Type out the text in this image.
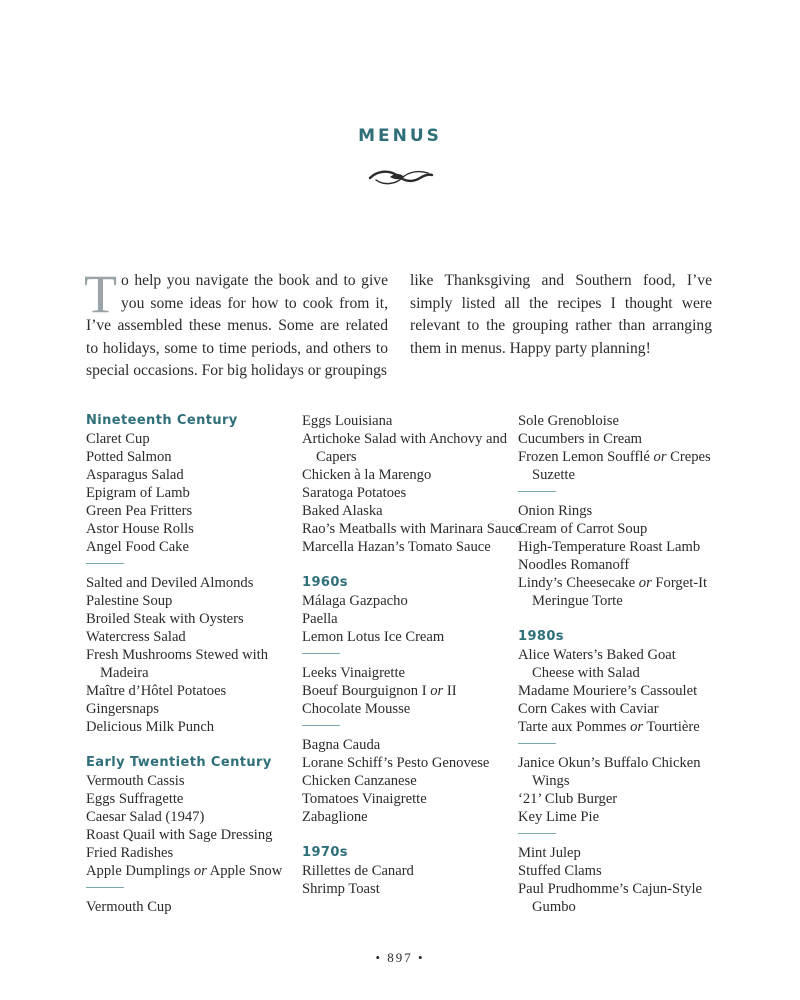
MENUS
To help you navigate the book and to give you some ideas for how to cook from it, I’ve assembled these menus. Some are related to holidays, some to time periods, and others to special occasions. For big holidays or groupings
like Thanksgiving and Southern food, I’ve simply listed all the recipes I thought were relevant to the grouping rather than arranging them in menus. Happy party planning!
Nineteenth Century
Claret Cup
Potted Salmon
Asparagus Salad
Epigram of Lamb
Green Pea Fritters
Astor House Rolls
Angel Food Cake
Salted and Deviled Almonds
Palestine Soup
Broiled Steak with Oysters
Watercress Salad
Fresh Mushrooms Stewed with Madeira
Maître d’Hôtel Potatoes
Gingersnaps
Delicious Milk Punch
Early Twentieth Century
Vermouth Cassis
Eggs Suffragette
Caesar Salad (1947)
Roast Quail with Sage Dressing
Fried Radishes
Apple Dumplings or Apple Snow
Vermouth Cup
Eggs Louisiana
Artichoke Salad with Anchovy and Capers
Chicken à la Marengo
Saratoga Potatoes
Baked Alaska
Rao’s Meatballs with Marinara Sauce
Marcella Hazan’s Tomato Sauce
1960s
Málaga Gazpacho
Paella
Lemon Lotus Ice Cream
Leeks Vinaigrette
Boeuf Bourguignon I or II
Chocolate Mousse
Bagna Cauda
Lorane Schiff’s Pesto Genovese
Chicken Canzanese
Tomatoes Vinaigrette
Zabaglione
1970s
Rillettes de Canard
Shrimp Toast
Sole Grenobloise
Cucumbers in Cream
Frozen Lemon Soufflé or Crepes Suzette
Onion Rings
Cream of Carrot Soup
High-Temperature Roast Lamb
Noodles Romanoff
Lindy’s Cheesecake or Forget-It Meringue Torte
1980s
Alice Waters’s Baked Goat Cheese with Salad
Madame Mouriere’s Cassoulet
Corn Cakes with Caviar
Tarte aux Pommes or Tourtière
Janice Okun’s Buffalo Chicken Wings
‘21’ Club Burger
Key Lime Pie
Mint Julep
Stuffed Clams
Paul Prudhomme’s Cajun-Style Gumbo
• 897 •
